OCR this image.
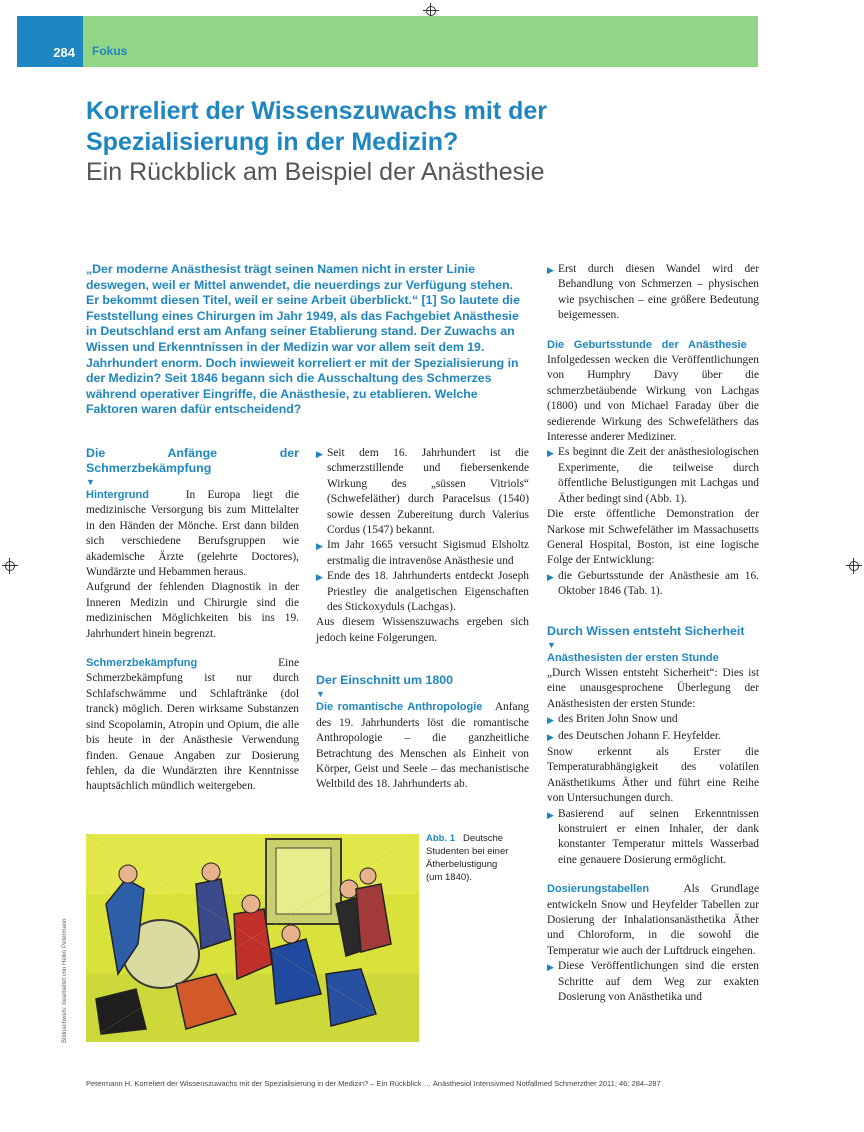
284	Fokus
Korreliert der Wissenszuwachs mit der Spezialisierung in der Medizin?
Ein Rückblick am Beispiel der Anästhesie
„Der moderne Anästhesist trägt seinen Namen nicht in erster Linie deswegen, weil er Mittel anwendet, die neuerdings zur Verfügung stehen. Er bekommt diesen Titel, weil er seine Arbeit überblickt.“ [1] So lautete die Feststellung eines Chirurgen im Jahr 1949, als das Fachgebiet Anästhesie in Deutschland erst am Anfang seiner Etablierung stand. Der Zuwachs an Wissen und Erkenntnissen in der Medizin war vor allem seit dem 19. Jahrhundert enorm. Doch inwieweit korreliert er mit der Spezialisierung in der Medizin? Seit 1846 begann sich die Ausschaltung des Schmerzes während operativer Eingriffe, die Anästhesie, zu etablieren. Welche Faktoren waren dafür entscheidend?
Die Anfänge der Schmerzbekämpfung
▼

Hintergrund	In Europa liegt die medizinische Versorgung bis zum Mittelalter in den Händen der Mönche. Erst dann bilden sich verschiedene Berufsgruppen wie akademische Ärzte (gelehrte Doctores), Wundärzte und Hebammen heraus.

Aufgrund der fehlenden Diagnostik in der Inneren Medizin und Chirurgie sind die medizinischen Möglichkeiten bis ins 19. Jahrhundert hinein begrenzt.

Schmerzbekämpfung	Eine Schmerzbekämpfung ist nur durch Schlafschwämme und Schlaftränke (dol tranck) möglich. Deren wirksame Substanzen sind Scopolamin, Atropin und Opium, die alle bis heute in der Anästhesie Verwendung finden. Genaue Angaben zur Dosierung fehlen, da die Wundärzten ihre Kenntnisse hauptsächlich mündlich weitergeben.

▶ Seit dem 16. Jahrhundert ist die schmerzstillende und fiebersenkende Wirkung des „süssen Vitriols“ (Schwefeläther) durch Paracelsus (1540) sowie dessen Zubereitung durch Valerius Cordus (1547) bekannt.
▶ Im Jahr 1665 versucht Sigismud Elsholtz erstmalig die intravenöse Anästhesie und
▶ Ende des 18. Jahrhunderts entdeckt Joseph Priestley die analgetischen Eigenschaften des Stickoxyduls (Lachgas).

Aus diesem Wissenszuwachs ergeben sich jedoch keine Folgerungen.

Der Einschnitt um 1800
▼

Die romantische Anthropologie Anfang des 19. Jahrhunderts löst die romantische Anthropologie – die ganzheitliche Betrachtung des Menschen als Einheit von Körper, Geist und Seele – das mechanistische Weltbild des 18. Jahrhunderts ab.

▶ Erst durch diesen Wandel wird der Behandlung von Schmerzen – physischen wie psychischen – eine größere Bedeutung beigemessen.

Die Geburtsstunde der Anästhesie   Infolgedessen wecken die Veröffentlichungen von Humphry Davy über die schmerzbetäubende Wirkung von Lachgas (1800) und von Michael Faraday über die sedierende Wirkung des Schwefeläthers das Interesse anderer Mediziner.

▶ Es beginnt die Zeit der anästhesiologischen Experimente, die teilweise durch öffentliche Belustigungen mit Lachgas und Äther bedingt sind (Abb. 1).

Die erste öffentliche Demonstration der Narkose mit Schwefeläther im Massachusetts General Hospital, Boston, ist eine logische Folge der Entwicklung:

▶ die Geburtsstunde der Anästhesie am 16. Oktober 1846 (Tab. 1).
Durch Wissen entsteht Sicherheit
▼

Anästhesisten der ersten Stunde
„Durch Wissen entsteht Sicherheit“: Dies ist eine unausgesprochene Überlegung der Anästhesisten der ersten Stunde:

▶ des Briten John Snow und
▶ des Deutschen Johann F. Heyfelder.

Snow erkennt als Erster die Temperaturabhängigkeit des volatilen Anästhetikums Äther und führt eine Reihe von Untersuchungen durch.

▶ Basierend auf seinen Erkenntnissen konstruiert er einen Inhaler, der dank konstanter Temperatur mittels Wasserbad eine genauere Dosierung ermöglicht.

Dosierungstabellen	Als Grundlage entwickeln Snow und Heyfelder Tabellen zur Dosierung der Inhalationsanästhetika Äther und Chloroform, in die sowohl die Temperatur wie auch der Luftdruck eingehen.

▶ Diese Veröffentlichungen sind die ersten Schritte auf dem Weg zur exakten Dosierung von Anästhetika und
Abb. 1 Deutsche Studenten bei einer Ätherbelustigung (um 1840).
Bildnachweis: bearbeitet von Heiko Petermann
Petermann H. Korreliert der Wissenszuwachs mit der Spezialisierung in der Medizin? – Ein Rückblick … Anästhesiol Intensivmed Notfallmed Schmerzther 2011; 46: 284–287
